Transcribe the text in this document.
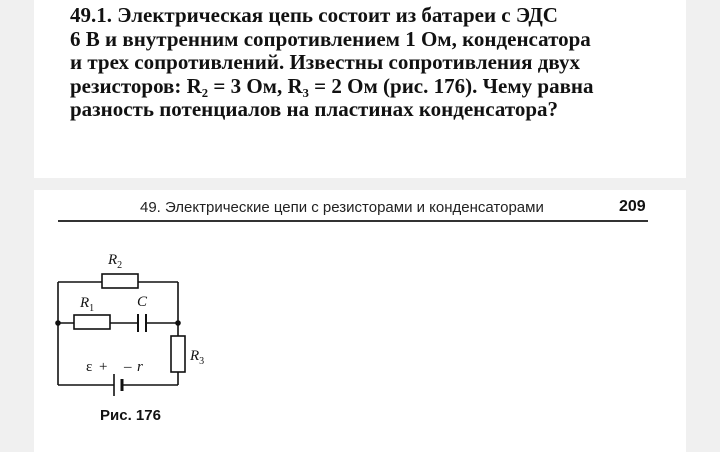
49.1. Электрическая цепь состоит из батареи с ЭДС
6 В и внутренним сопротивлением 1 Ом, конденсатора
и трех сопротивлений. Известны сопротивления двух
резисторов: R₂ = 3 Ом, R₃ = 2 Ом (рис. 176). Чему равна
разность потенциалов на пластинах конденсатора?
49. Электрические цепи с резисторами и конденсаторами	209
$R_2$
$R_1$	C
$R_3$
ε + – r
Рис. 176
